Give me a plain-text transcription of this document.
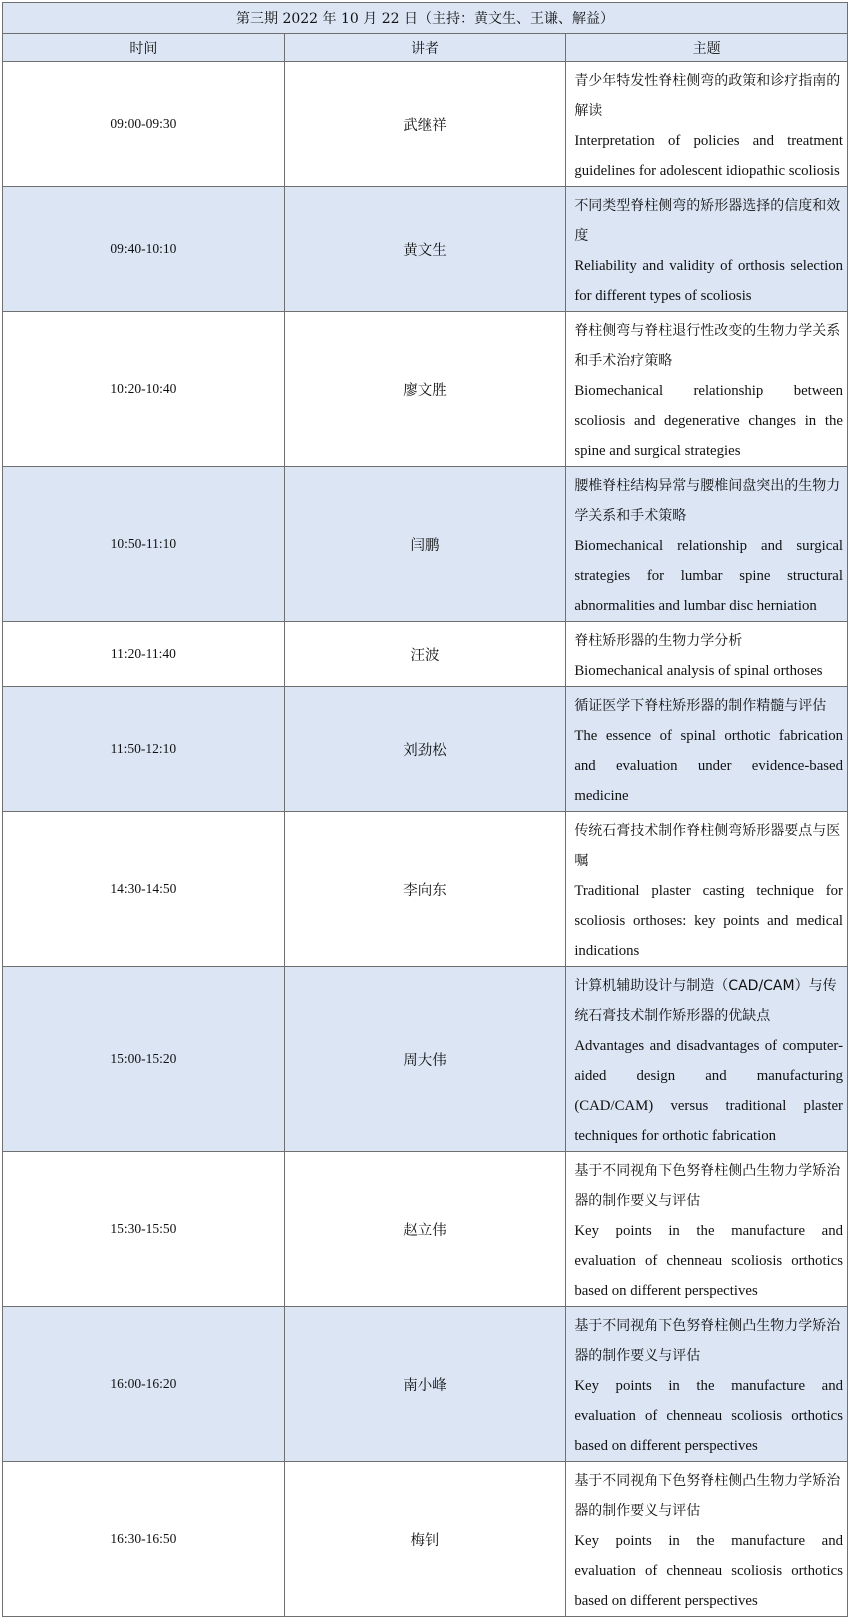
第三期 2022 年 10 月 22 日（主持：黄文生、王谦、解益）		
时间	讲者	主题
09:00-09:30	武继祥	青少年特发性脊柱侧弯的政策和诊疗指南的解读
Interpretation of policies and treatment guidelines for adolescent idiopathic scoliosis

09:40-10:10	黄文生	不同类型脊柱侧弯的矫形器选择的信度和效度
Reliability and validity of orthosis selection for different types of scoliosis

10:20-10:40	廖文胜	脊柱侧弯与脊柱退行性改变的生物力学关系和手术治疗策略
Biomechanical relationship between scoliosis and degenerative changes in the spine and surgical strategies

10:50-11:10	闫鹏	腰椎脊柱结构异常与腰椎间盘突出的生物力学关系和手术策略
Biomechanical relationship and surgical strategies for lumbar spine structural abnormalities and lumbar disc herniation

11:20-11:40	汪波	脊柱矫形器的生物力学分析
Biomechanical analysis of spinal orthoses

11:50-12:10	刘劲松	循证医学下脊柱矫形器的制作精髓与评估
The essence of spinal orthotic fabrication and evaluation under evidence-based medicine

14:30-14:50	李向东	传统石膏技术制作脊柱侧弯矫形器要点与医嘱
Traditional plaster casting technique for scoliosis orthoses: key points and medical indications

15:00-15:20	周大伟	计算机辅助设计与制造（CAD/CAM）与传统石膏技术制作矫形器的优缺点
Advantages and disadvantages of computer-aided design and manufacturing (CAD/CAM) versus traditional plaster techniques for orthotic fabrication

15:30-15:50	赵立伟	基于不同视角下色努脊柱侧凸生物力学矫治器的制作要义与评估
Key points in the manufacture and evaluation of chenneau scoliosis orthotics based on different perspectives

16:00-16:20	南小峰	基于不同视角下色努脊柱侧凸生物力学矫治器的制作要义与评估
Key points in the manufacture and evaluation of chenneau scoliosis orthotics based on different perspectives

16:30-16:50	梅钊	基于不同视角下色努脊柱侧凸生物力学矫治器的制作要义与评估
Key points in the manufacture and evaluation of chenneau scoliosis orthotics based on different perspectives
